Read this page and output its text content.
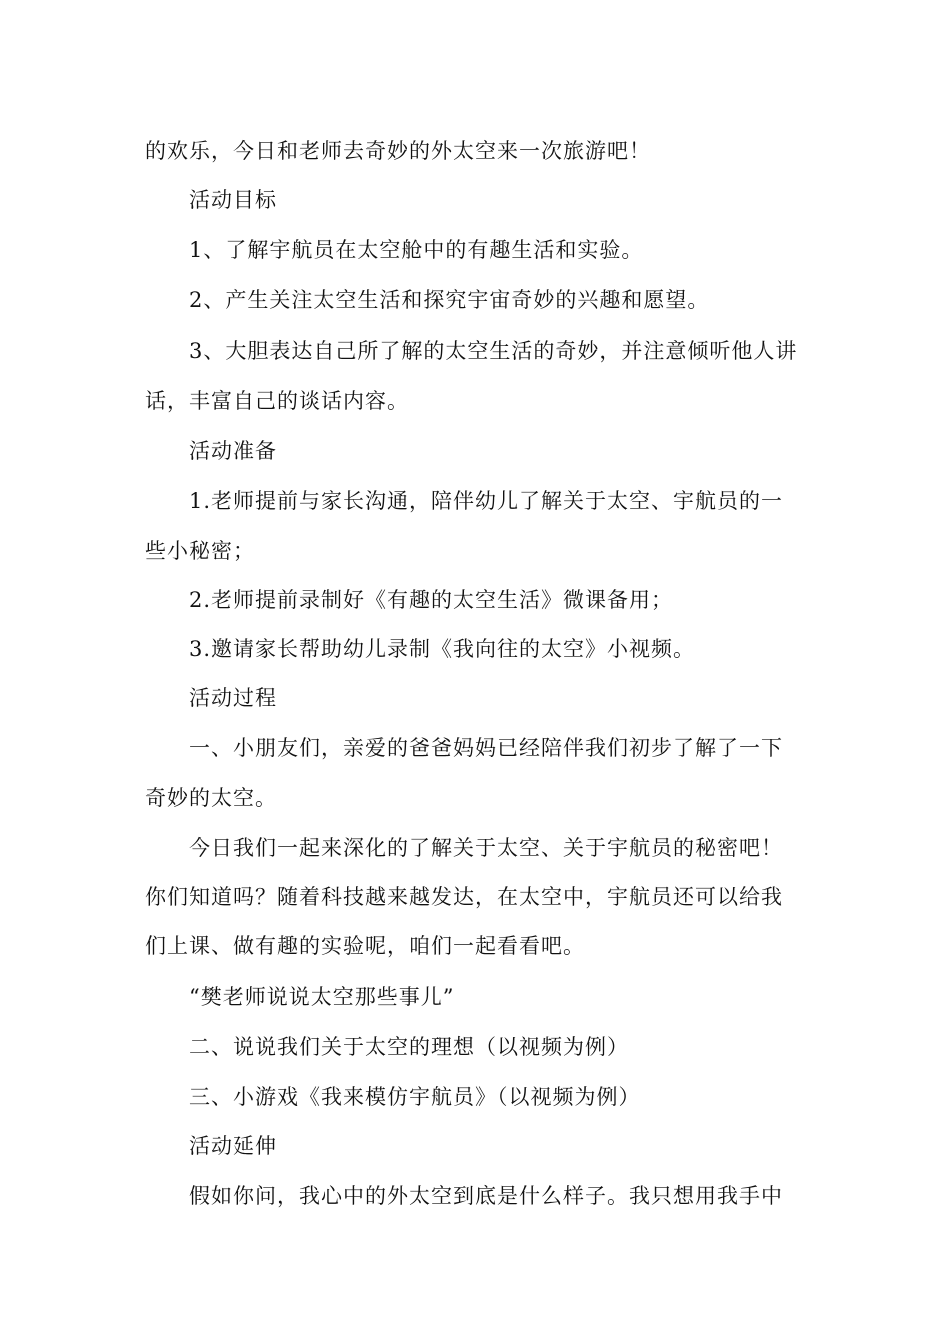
的欢乐，今日和老师去奇妙的外太空来一次旅游吧！
活动目标
1、了解宇航员在太空舱中的有趣生活和实验。
2、产生关注太空生活和探究宇宙奇妙的兴趣和愿望。
3、大胆表达自己所了解的太空生活的奇妙，并注意倾听他人讲
话，丰富自己的谈话内容。
活动准备
1.老师提前与家长沟通，陪伴幼儿了解关于太空、宇航员的一
些小秘密；
2.老师提前录制好《有趣的太空生活》微课备用；
3.邀请家长帮助幼儿录制《我向往的太空》小视频。
活动过程
一、小朋友们，亲爱的爸爸妈妈已经陪伴我们初步了解了一下
奇妙的太空。
今日我们一起来深化的了解关于太空、关于宇航员的秘密吧！
你们知道吗？随着科技越来越发达，在太空中，宇航员还可以给我
们上课、做有趣的实验呢，咱们一起看看吧。
“樊老师说说太空那些事儿”
二、说说我们关于太空的理想（以视频为例）
三、小游戏《我来模仿宇航员》（以视频为例）
活动延伸
假如你问，我心中的外太空到底是什么样子。我只想用我手中
